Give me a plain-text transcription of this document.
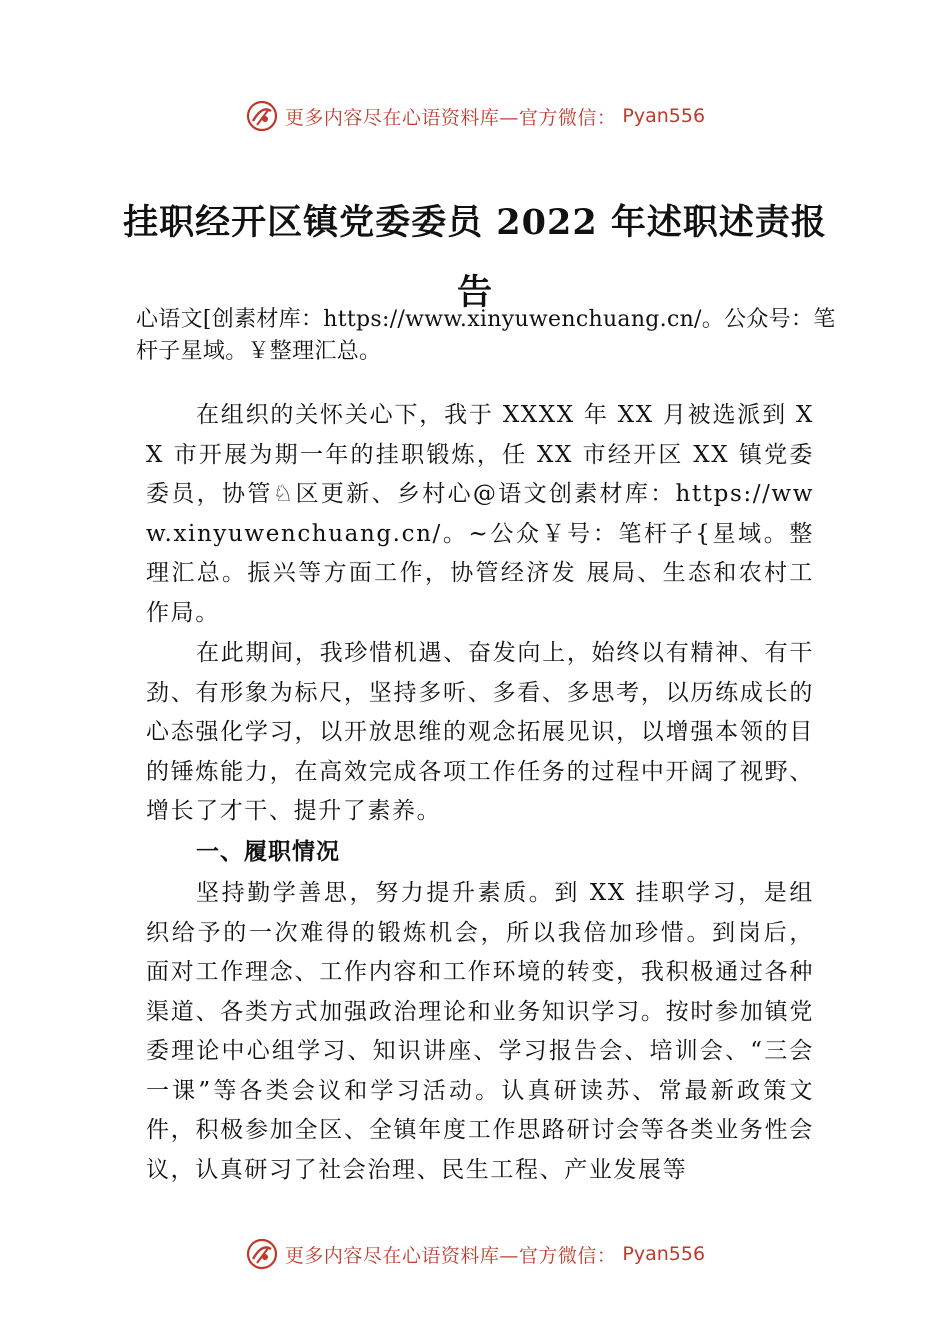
更多内容尽在心语资料库—官方微信： Pyan556
挂职经开区镇党委委员 2022 年述职述责报告
心语文[创素材库：https://www.xinyuwenchuang.cn/。公众号：笔杆子星域。￥整理汇总。
在组织的关怀关心下，我于 XXXX 年 XX 月被选派到 XX 市开展为期一年的挂职锻炼，任 XX 市经开区 XX 镇党委委员，协管♘区更新、乡村心@语文创素材库：https://www.xinyuwenchuang.cn/。~公众￥号：笔杆子{星域。整理汇总。振兴等方面工作，协管经济发 展局、生态和农村工作局。
在此期间，我珍惜机遇、奋发向上，始终以有精神、有干劲、有形象为标尺，坚持多听、多看、多思考，以历练成长的心态强化学习，以开放思维的观念拓展见识，以增强本领的目的锤炼能力，在高效完成各项工作任务的过程中开阔了视野、增长了才干、提升了素养。
一、履职情况
坚持勤学善思，努力提升素质。到 XX 挂职学习，是组织给予的一次难得的锻炼机会，所以我倍加珍惜。到岗后， 面对工作理念、工作内容和工作环境的转变，我积极通过各种渠道、各类方式加强政治理论和业务知识学习。按时参加镇党委理论中心组学习、知识讲座、学习报告会、培训会、“三会一课”等各类会议和学习活动。认真研读苏、常最新政策文件，积极参加全区、全镇年度工作思路研讨会等各类业务性会议，认真研习了社会治理、民生工程、产业发展等
更多内容尽在心语资料库—官方微信： Pyan556
